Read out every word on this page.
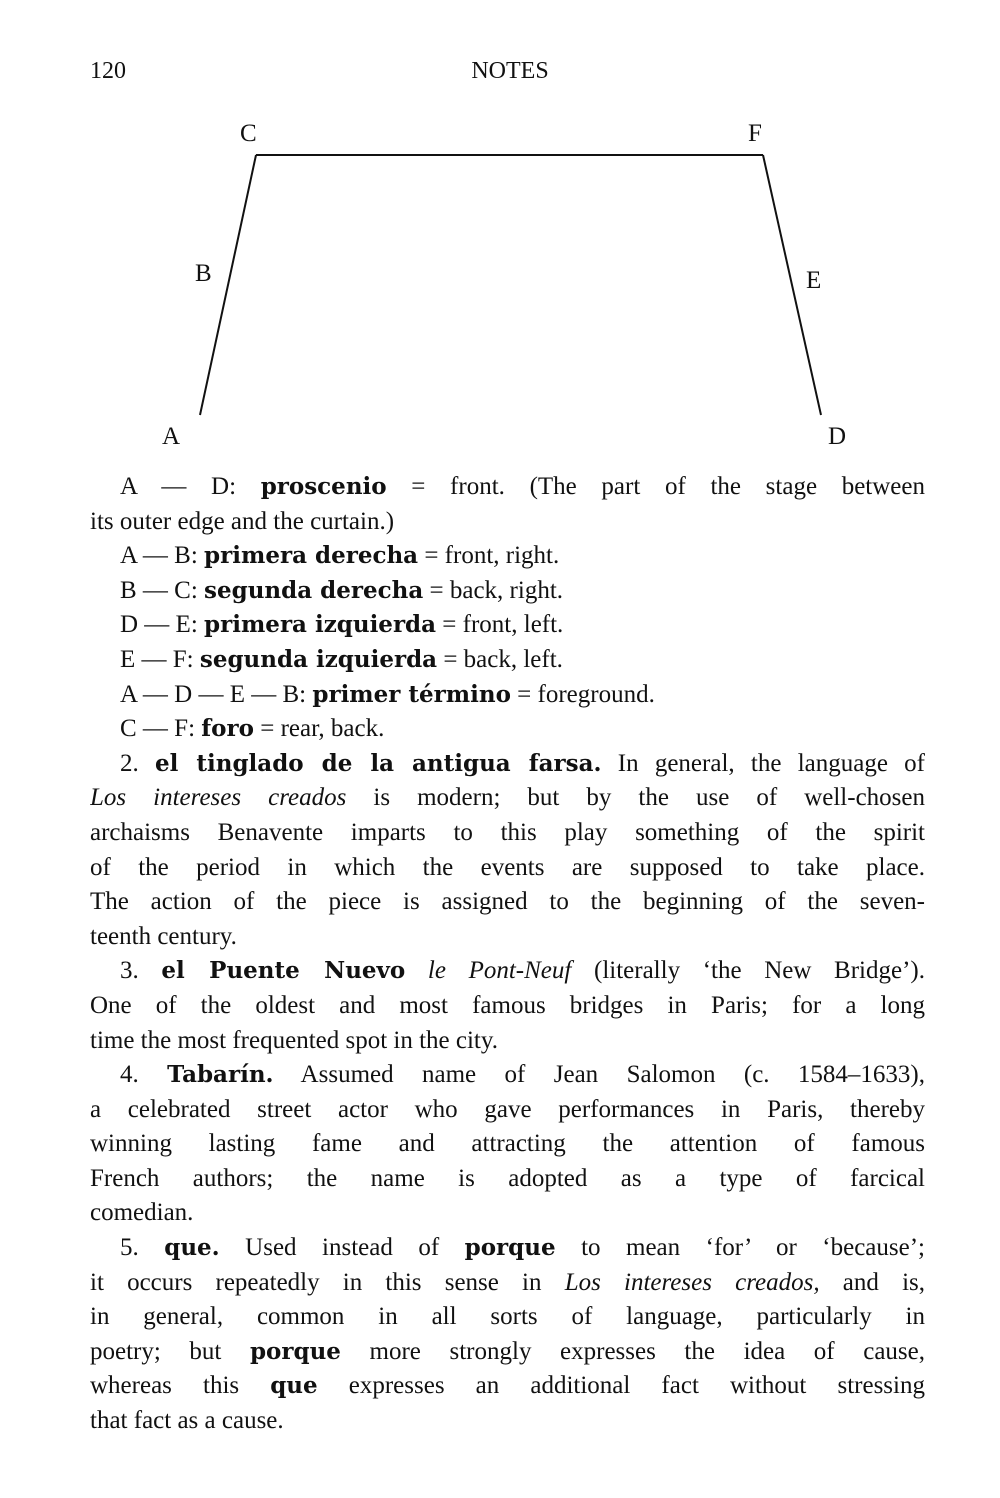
120	NOTES
C	F
B	E
A	D
A — D: proscenio = front. (The part of the stage between
its outer edge and the curtain.)
A — B: primera derecha = front, right.
B — C: segunda derecha = back, right.
D — E: primera izquierda = front, left.
E — F: segunda izquierda = back, left.
A — D — E — B: primer término = foreground.
C — F: foro = rear, back.
2. el tinglado de la antigua farsa. In general, the language of
Los intereses creados is modern; but by the use of well-chosen
archaisms Benavente imparts to this play something of the spirit
of the period in which the events are supposed to take place.
The action of the piece is assigned to the beginning of the seven-
teenth century.
3. el Puente Nuevo le Pont-Neuf (literally ‘the New Bridge’).
One of the oldest and most famous bridges in Paris; for a long
time the most frequented spot in the city.
4. Tabarín. Assumed name of Jean Salomon (c. 1584–1633),
a celebrated street actor who gave performances in Paris, thereby
winning lasting fame and attracting the attention of famous
French authors; the name is adopted as a type of farcical
comedian.
5. que. Used instead of porque to mean ‘for’ or ‘because’;
it occurs repeatedly in this sense in Los intereses creados, and is,
in general, common in all sorts of language, particularly in
poetry; but porque more strongly expresses the idea of cause,
whereas this que expresses an additional fact without stressing
that fact as a cause.
